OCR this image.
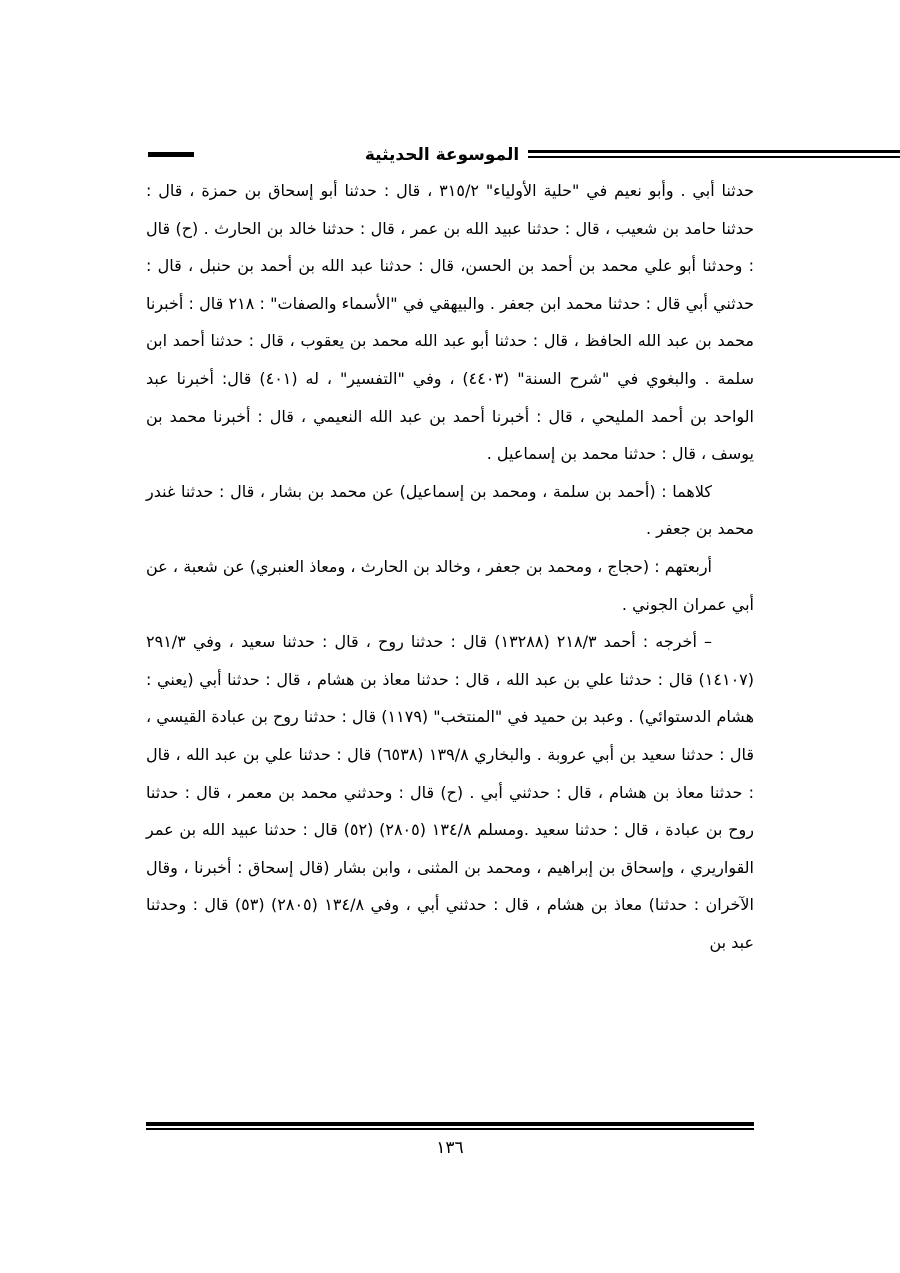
الموسوعة الحديثية

حدثنا أبي . وأبو نعيم في "حلية الأولياء" ٣١٥/٢ ، قال : حدثنا أبو إسحاق بن حمزة ، قال : حدثنا حامد بن شعيب ، قال : حدثنا عبيد الله بن عمر ، قال : حدثنا خالد بن الحارث . (ح) قال : وحدثنا أبو علي محمد بن أحمد بن الحسن، قال : حدثنا عبد الله بن أحمد بن حنبل ، قال : حدثني أبي قال : حدثنا محمد ابن جعفر . والبيهقي في "الأسماء والصفات" : ٢١٨ قال : أخبرنا محمد بن عبد الله الحافظ ، قال : حدثنا أبو عبد الله محمد بن يعقوب ، قال : حدثنا أحمد ابن سلمة . والبغوي في "شرح السنة" (٤٤٠٣) ، وفي "التفسير" ، له (٤٠١) قال: أخبرنا عبد الواحد بن أحمد المليحي ، قال : أخبرنا أحمد بن عبد الله النعيمي ، قال : أخبرنا محمد بن يوسف ، قال : حدثنا محمد بن إسماعيل .

كلاهما : (أحمد بن سلمة ، ومحمد بن إسماعيل) عن محمد بن بشار ، قال : حدثنا غندر محمد بن جعفر .

أربعتهم : (حجاج ، ومحمد بن جعفر ، وخالد بن الحارث ، ومعاذ العنبري) عن شعبة ، عن أبي عمران الجوني .

– أخرجه : أحمد ٢١٨/٣ (١٣٢٨٨) قال : حدثنا روح ، قال : حدثنا سعيد ، وفي ٢٩١/٣ (١٤١٠٧) قال : حدثنا علي بن عبد الله ، قال : حدثنا معاذ بن هشام ، قال : حدثنا أبي (يعني : هشام الدستوائي) . وعبد بن حميد في "المنتخب" (١١٧٩) قال : حدثنا روح بن عبادة القيسي ، قال : حدثنا سعيد بن أبي عروبة . والبخاري ١٣٩/٨ (٦٥٣٨) قال : حدثنا علي بن عبد الله ، قال : حدثنا معاذ بن هشام ، قال : حدثني أبي . (ح) قال : وحدثني محمد بن معمر ، قال : حدثنا روح بن عبادة ، قال : حدثنا سعيد .ومسلم ١٣٤/٨ (٢٨٠٥) (٥٢) قال : حدثنا عبيد الله بن عمر القواريري ، وإسحاق بن إبراهيم ، ومحمد بن المثنى ، وابن بشار (قال إسحاق : أخبرنا ، وقال الآخران : حدثنا) معاذ بن هشام ، قال : حدثني أبي ، وفي ١٣٤/٨ (٢٨٠٥) (٥٣) قال : وحدثنا عبد بن

١٣٦
